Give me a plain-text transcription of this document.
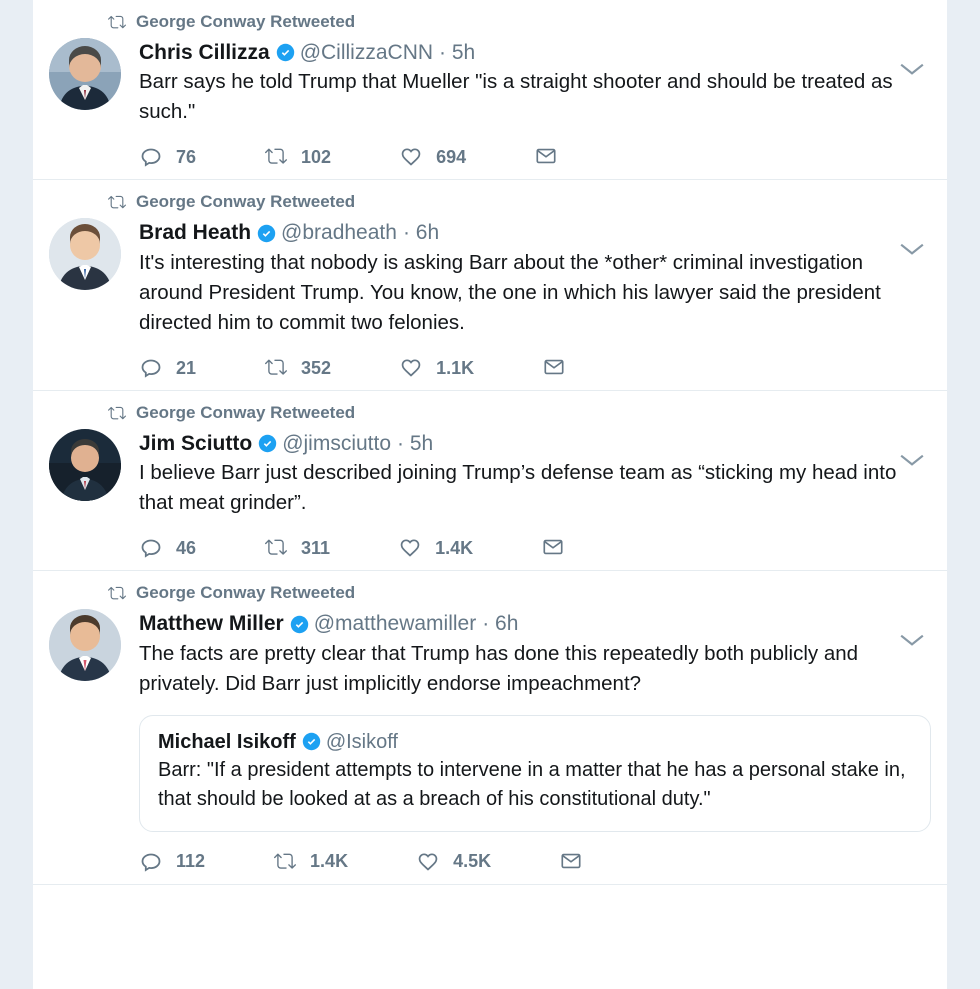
George Conway Retweeted
Chris Cillizza @CillizzaCNN · 5h
Barr says he told Trump that Mueller "is a straight shooter and should be treated as such."
76	102	694
George Conway Retweeted
Brad Heath @bradheath · 6h
It's interesting that nobody is asking Barr about the *other* criminal investigation around President Trump. You know, the one in which his lawyer said the president directed him to commit two felonies.
21	352	1.1K
George Conway Retweeted
Jim Sciutto @jimsciutto · 5h
I believe Barr just described joining Trump’s defense team as “sticking my head into that meat grinder”.
46	311	1.4K
George Conway Retweeted
Matthew Miller @matthewamiller · 6h
The facts are pretty clear that Trump has done this repeatedly both publicly and privately. Did Barr just implicitly endorse impeachment?
Michael Isikoff @Isikoff
Barr: "If a president attempts to intervene in a matter that he has a personal stake in, that should be looked at as a breach of his constitutional duty."
112	1.4K	4.5K
